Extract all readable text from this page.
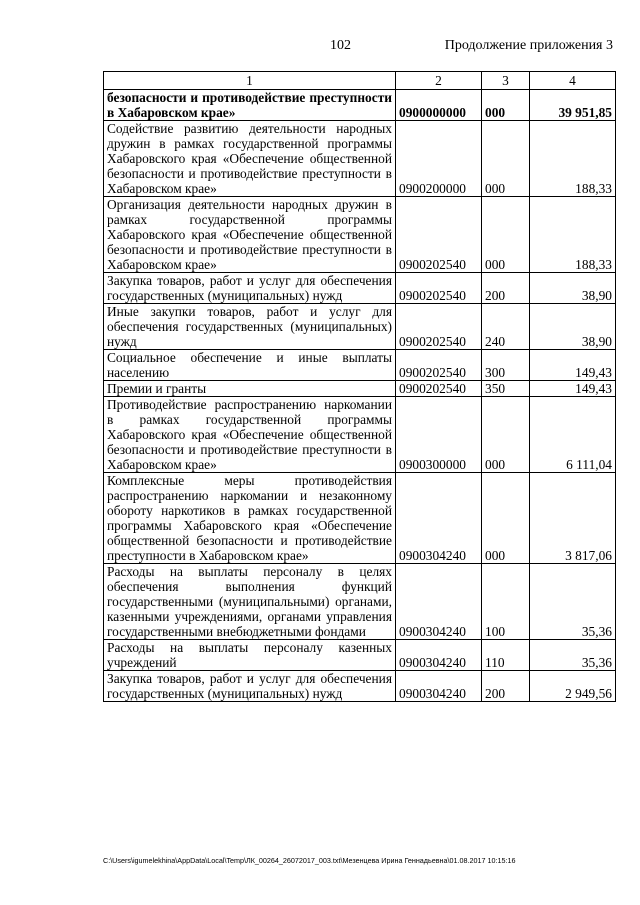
102	Продолжение приложения 3
1	2	3	4
безопасности и противодействие преступности в Хабаровском крае»	0900000000	000	39 951,85
Содействие развитию деятельности народных дружин в рамках государственной программы Хабаровского края «Обеспечение общественной безопасности и противодействие преступности в Хабаровском крае»	0900200000	000	188,33
Организация деятельности народных дружин в рамках государственной программы Хабаровского края «Обеспечение общественной безопасности и противодействие преступности в Хабаровском крае»	0900202540	000	188,33
Закупка товаров, работ и услуг для обеспечения государственных (муниципальных) нужд	0900202540	200	38,90
Иные закупки товаров, работ и услуг для обеспечения государственных (муниципальных) нужд	0900202540	240	38,90
Социальное обеспечение и иные выплаты населению	0900202540	300	149,43
Премии и гранты	0900202540	350	149,43
Противодействие распространению наркомании в рамках государственной программы Хабаровского края «Обеспечение общественной безопасности и противодействие преступности в Хабаровском крае»	0900300000	000	6 111,04
Комплексные меры противодействия распространению наркомании и незаконному обороту наркотиков в рамках государственной программы Хабаровского края «Обеспечение общественной безопасности и противодействие преступности в Хабаровском крае»	0900304240	000	3 817,06
Расходы на выплаты персоналу в целях обеспечения выполнения функций государственными (муниципальными) органами, казенными учреждениями, органами управления государственными внебюджетными фондами	0900304240	100	35,36
Расходы на выплаты персоналу казенных учреждений	0900304240	110	35,36
Закупка товаров, работ и услуг для обеспечения государственных (муниципальных) нужд	0900304240	200	2 949,56
C:\Users\igumelekhina\AppData\Local\Temp\ЛК_00264_26072017_003.txt\Мезенцева Ирина Геннадьевна\01.08.2017 10:15:16
